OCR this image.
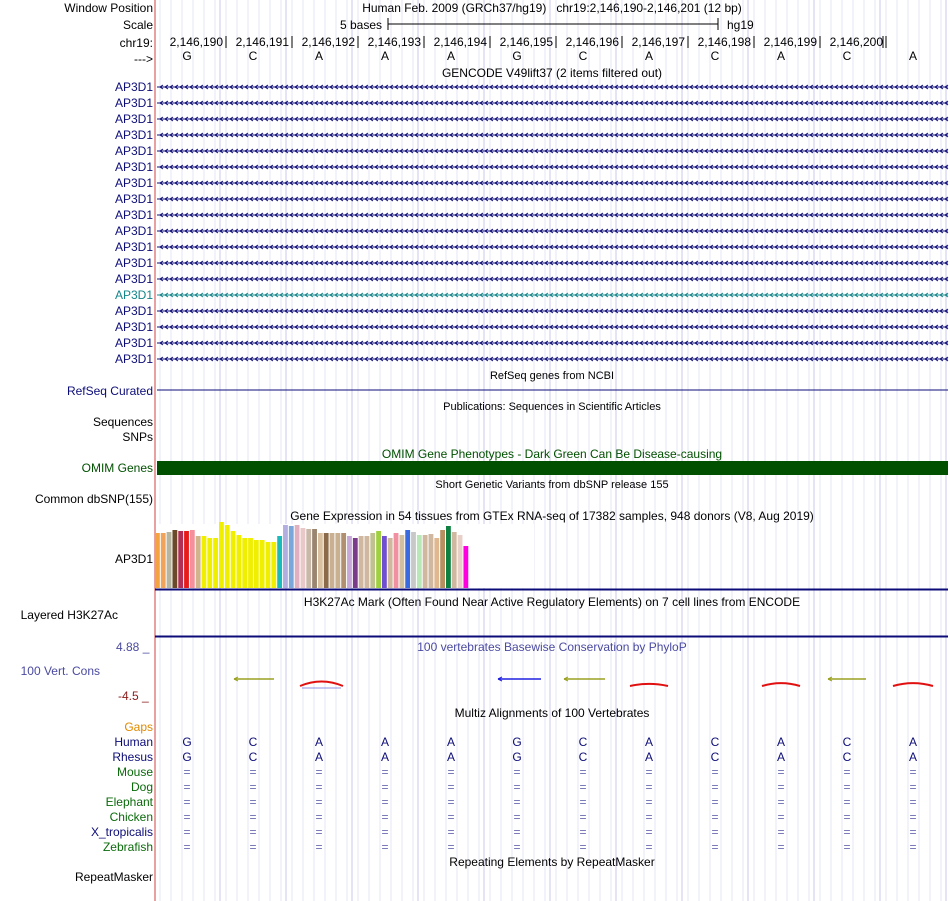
Window Position
Scale
chr19:
--->
Human Feb. 2009 (GRCh37/hg19)   chr19:2,146,190-2,146,201 (12 bp)
5 bases	hg19
2,146,190 2,146,191 2,146,192 2,146,193 2,146,194 2,146,195 2,146,196 2,146,197 2,146,198 2,146,199 2,146,200
G	C	A	A	A	G	C	A	C	A	C	A
GENCODE V49lift37 (2 items filtered out)
AP3D1
AP3D1
AP3D1
AP3D1
AP3D1
AP3D1
AP3D1
AP3D1
AP3D1
AP3D1
AP3D1
AP3D1
AP3D1
AP3D1
AP3D1
AP3D1
AP3D1
AP3D1
RefSeq genes from NCBI
RefSeq Curated
Publications: Sequences in Scientific Articles
Sequences
SNPs
OMIM Gene Phenotypes - Dark Green Can Be Disease-causing
OMIM Genes
Short Genetic Variants from dbSNP release 155
Common dbSNP(155)
Gene Expression in 54 tissues from GTEx RNA-seq of 17382 samples, 948 donors (V8, Aug 2019)
AP3D1
H3K27Ac Mark (Often Found Near Active Regulatory Elements) on 7 cell lines from ENCODE
Layered H3K27Ac
100 vertebrates Basewise Conservation by PhyloP
4.88 _
100 Vert. Cons
-4.5 _
Multiz Alignments of 100 Vertebrates
Gaps
Human G	C	A	A	A	G	C	A	C	A	C	A
Rhesus G	C	A	A	A	G	C	A	C	A	C	A
Mouse	=	=	=	=	=	=	=	=	=	=	=	=
Dog	=	=	=	=	=	=	=	=	=	=	=	=
Elephant	=	=	=	=	=	=	=	=	=	=	=	=
Chicken	=	=	=	=	=	=	=	=	=	=	=	=
X_tropicalis	=	=	=	=	=	=	=	=	=	=	=	=
Zebrafish	=	=	=	=	=	=	=	=	=	=	=	=
Repeating Elements by RepeatMasker
RepeatMasker
